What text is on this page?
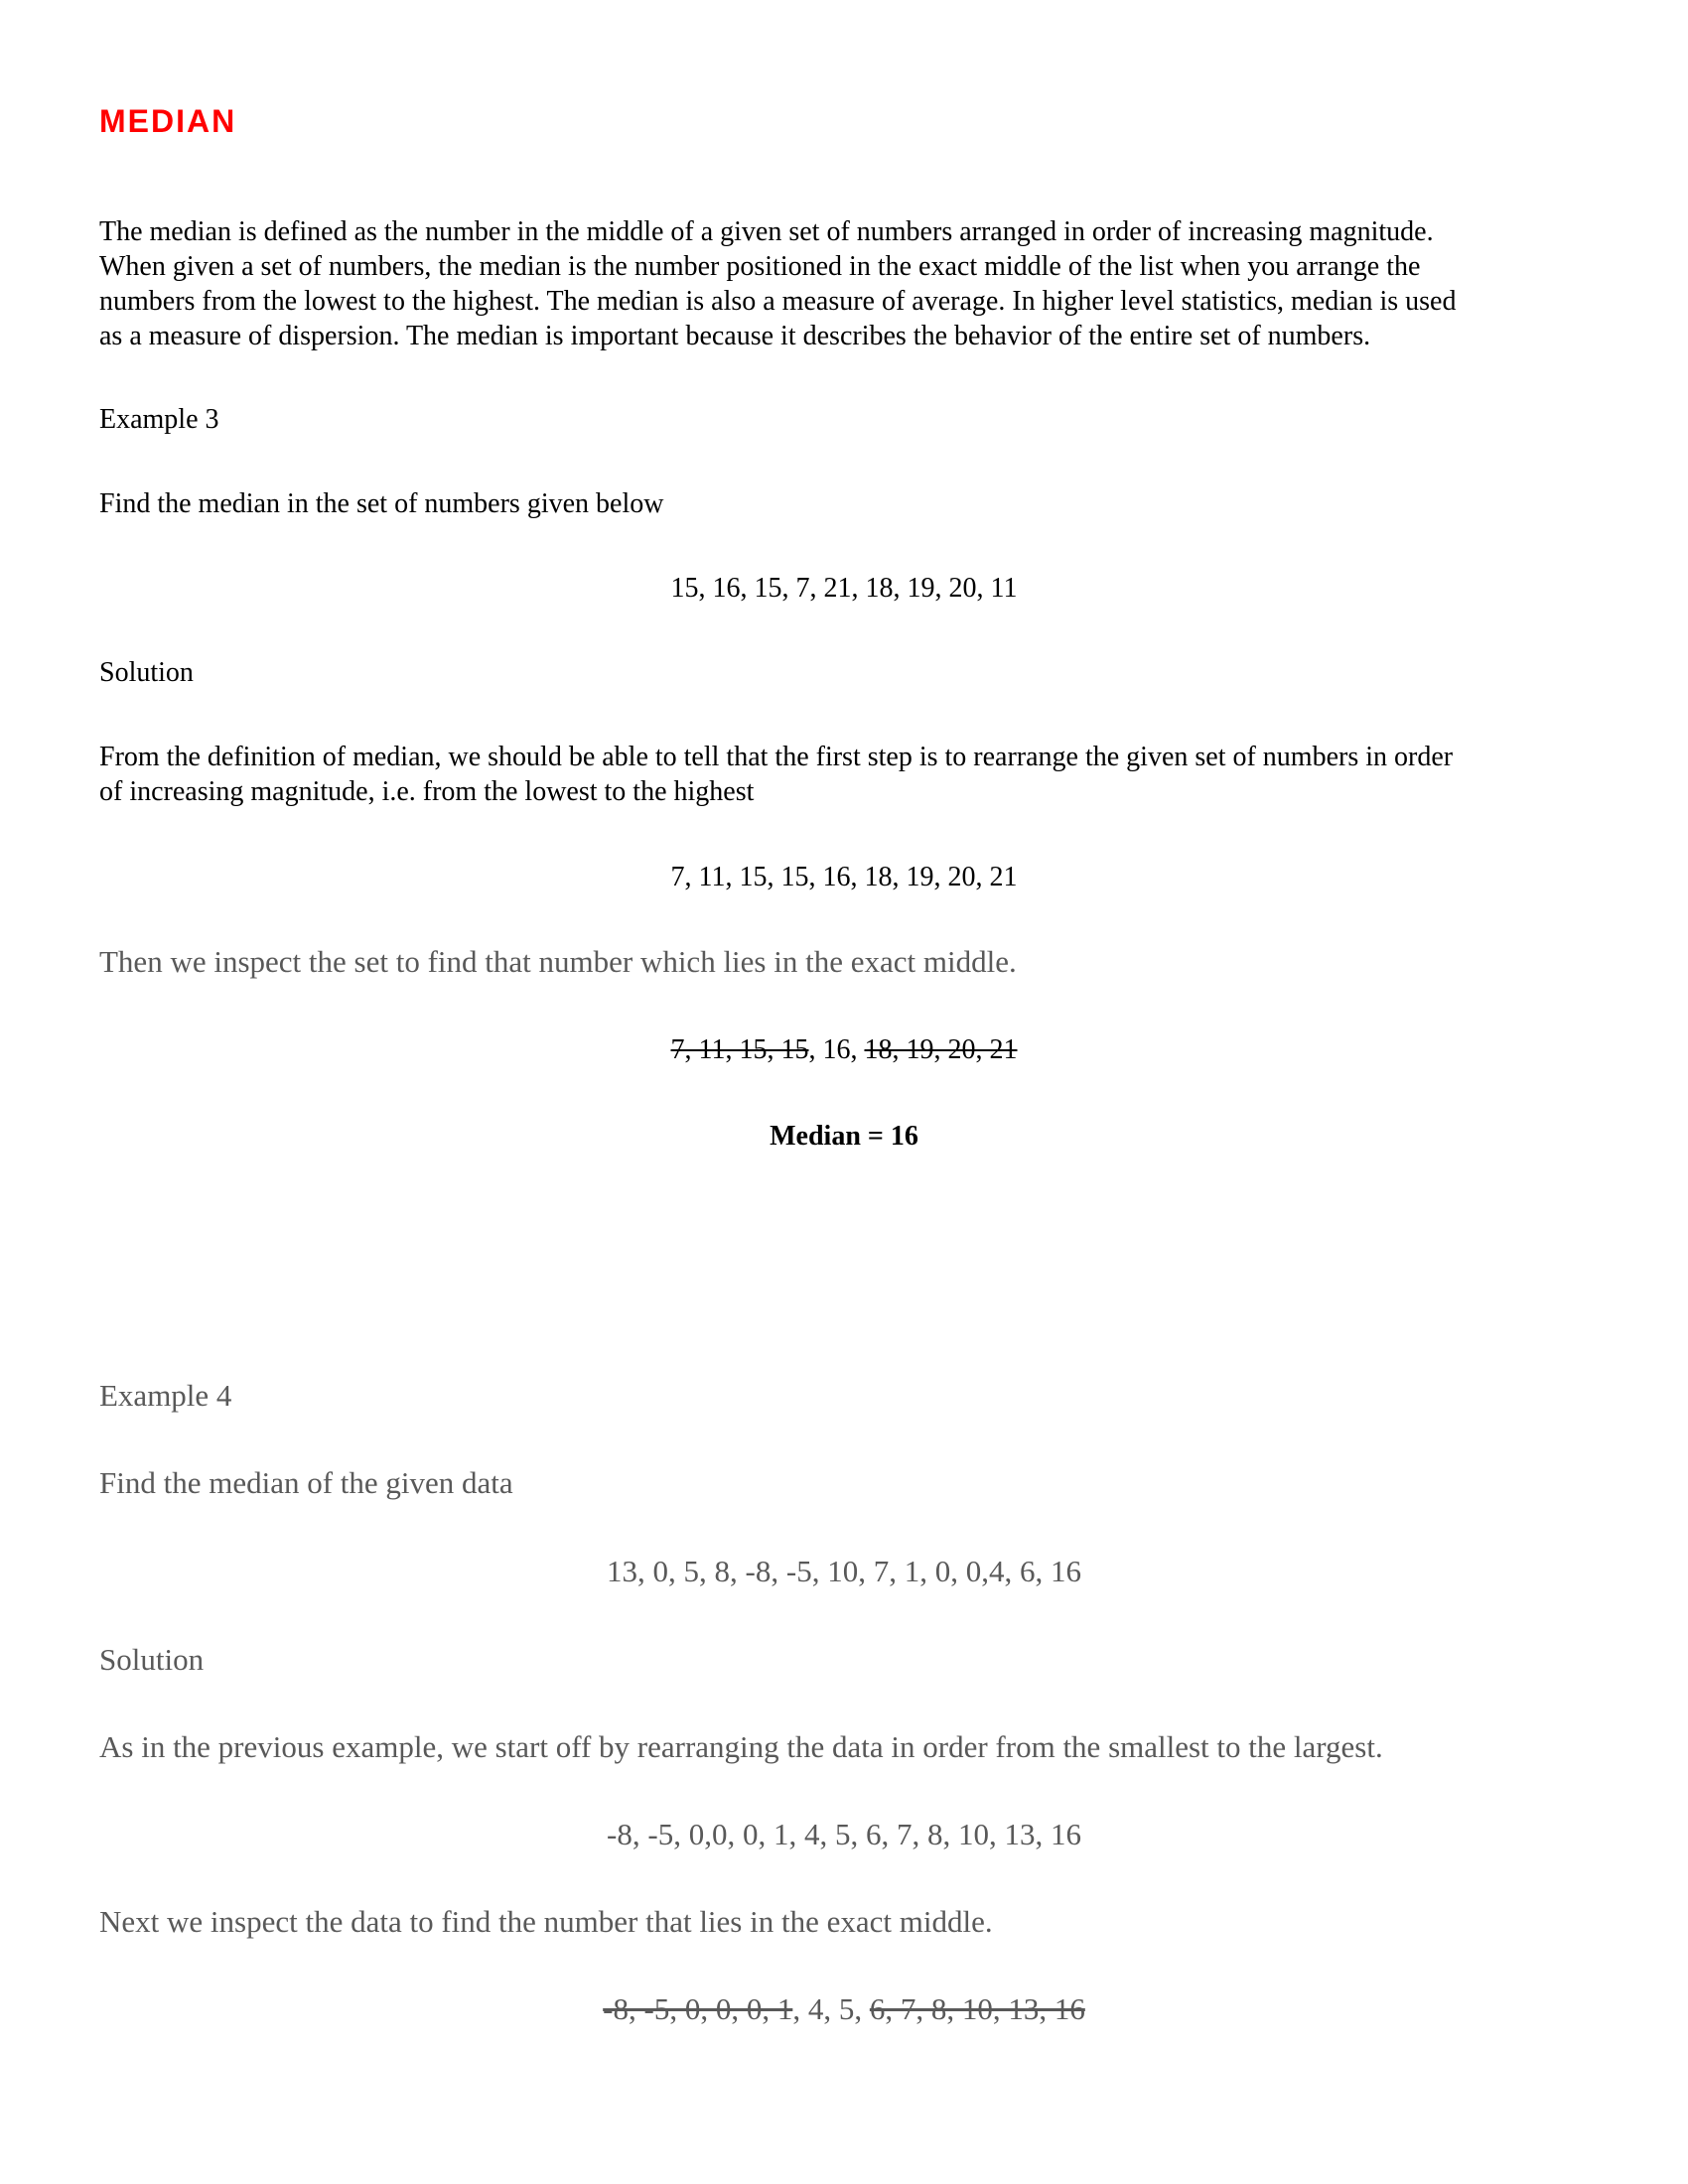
MEDIAN
The median is defined as the number in the middle of a given set of numbers arranged in order of increasing magnitude.
When given a set of numbers, the median is the number positioned in the exact middle of the list when you arrange the
numbers from the lowest to the highest. The median is also a measure of average. In higher level statistics, median is used
as a measure of dispersion. The median is important because it describes the behavior of the entire set of numbers.
Example 3
Find the median in the set of numbers given below
15, 16, 15, 7, 21, 18, 19, 20, 11
Solution
From the definition of median, we should be able to tell that the first step is to rearrange the given set of numbers in order
of increasing magnitude, i.e. from the lowest to the highest
7, 11, 15, 15, 16, 18, 19, 20, 21
Then we inspect the set to find that number which lies in the exact middle.
7, 11, 15, 15, 16, 18, 19, 20, 21
Median = 16
Example 4
Find the median of the given data
13, 0, 5, 8, -8, -5, 10, 7, 1, 0, 0,4, 6, 16
Solution
As in the previous example, we start off by rearranging the data in order from the smallest to the largest.
-8, -5, 0,0, 0, 1, 4, 5, 6, 7, 8, 10, 13, 16
Next we inspect the data to find the number that lies in the exact middle.
-8, -5, 0, 0, 0, 1, 4, 5, 6, 7, 8, 10, 13, 16
